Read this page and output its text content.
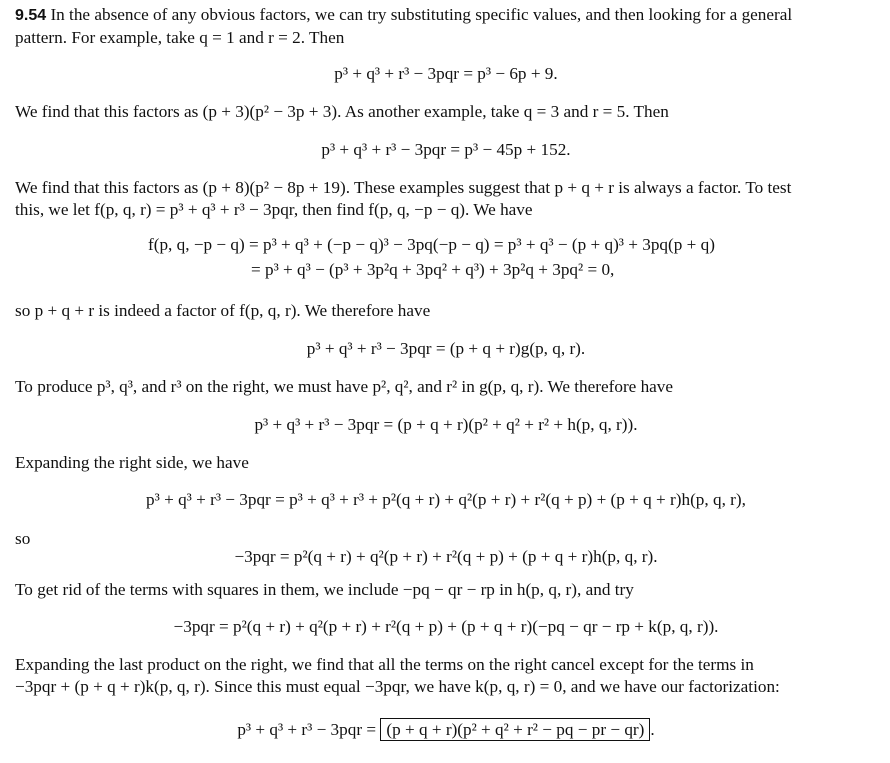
9.54 In the absence of any obvious factors, we can try substituting specific values, and then looking for a general
pattern. For example, take q = 1 and r = 2. Then
p³ + q³ + r³ − 3pqr = p³ − 6p + 9.
We find that this factors as (p + 3)(p² − 3p + 3). As another example, take q = 3 and r = 5. Then
p³ + q³ + r³ − 3pqr = p³ − 45p + 152.
We find that this factors as (p + 8)(p² − 8p + 19). These examples suggest that p + q + r is always a factor. To test
this, we let f(p, q, r) = p³ + q³ + r³ − 3pqr, then find f(p, q, −p − q). We have
f(p, q, −p − q) = p³ + q³ + (−p − q)³ − 3pq(−p − q) = p³ + q³ − (p + q)³ + 3pq(p + q)
= p³ + q³ − (p³ + 3p²q + 3pq² + q³) + 3p²q + 3pq² = 0,
so p + q + r is indeed a factor of f(p, q, r). We therefore have
p³ + q³ + r³ − 3pqr = (p + q + r)g(p, q, r).
To produce p³, q³, and r³ on the right, we must have p², q², and r² in g(p, q, r). We therefore have
p³ + q³ + r³ − 3pqr = (p + q + r)(p² + q² + r² + h(p, q, r)).
Expanding the right side, we have
p³ + q³ + r³ − 3pqr = p³ + q³ + r³ + p²(q + r) + q²(p + r) + r²(q + p) + (p + q + r)h(p, q, r),
so
−3pqr = p²(q + r) + q²(p + r) + r²(q + p) + (p + q + r)h(p, q, r).
To get rid of the terms with squares in them, we include −pq − qr − rp in h(p, q, r), and try
−3pqr = p²(q + r) + q²(p + r) + r²(q + p) + (p + q + r)(−pq − qr − rp + k(p, q, r)).
Expanding the last product on the right, we find that all the terms on the right cancel except for the terms in
−3pqr + (p + q + r)k(p, q, r). Since this must equal −3pqr, we have k(p, q, r) = 0, and we have our factorization:
p³ + q³ + r³ − 3pqr = (p + q + r)(p² + q² + r² − pq − pr − qr) .
